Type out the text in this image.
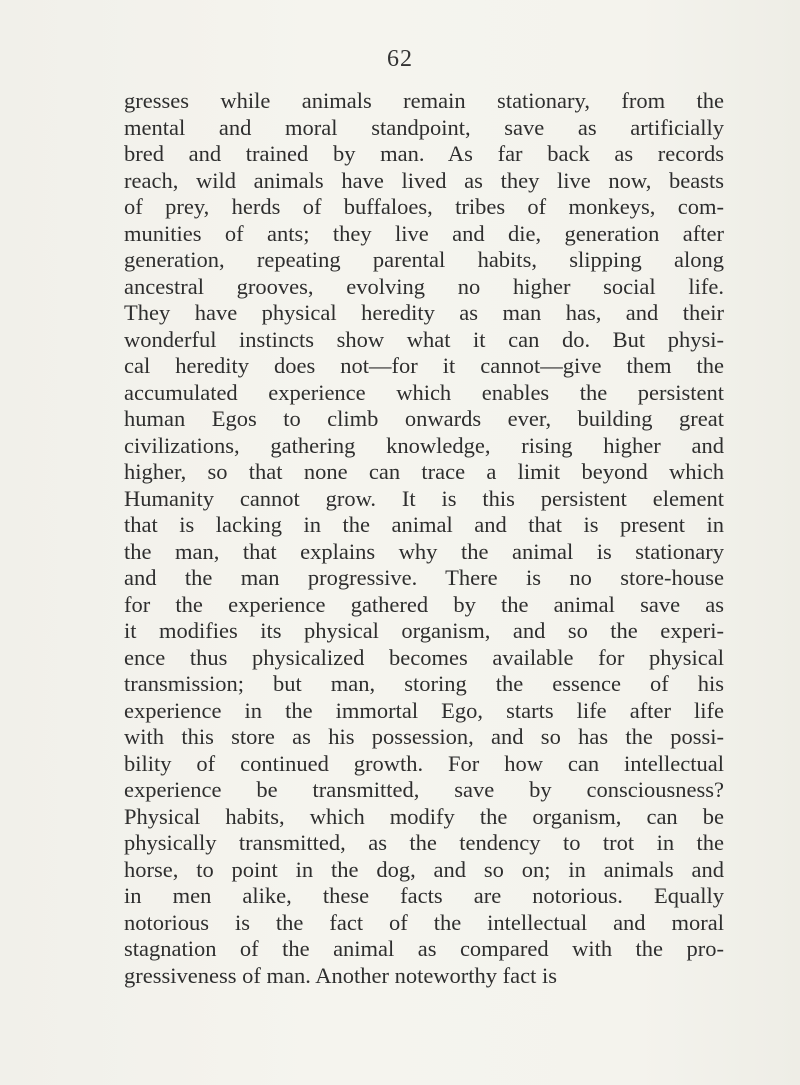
62
gresses while animals remain stationary, from the
mental and moral standpoint, save as artificially
bred and trained by man. As far back as records
reach, wild animals have lived as they live now, beasts
of prey, herds of buffaloes, tribes of monkeys, com-
munities of ants; they live and die, generation after
generation, repeating parental habits, slipping along
ancestral grooves, evolving no higher social life.
They have physical heredity as man has, and their
wonderful instincts show what it can do. But physi-
cal heredity does not—for it cannot—give them the
accumulated experience which enables the persistent
human Egos to climb onwards ever, building great
civilizations, gathering knowledge, rising higher and
higher, so that none can trace a limit beyond which
Humanity cannot grow. It is this persistent element
that is lacking in the animal and that is present in
the man, that explains why the animal is stationary
and the man progressive. There is no store-house
for the experience gathered by the animal save as
it modifies its physical organism, and so the experi-
ence thus physicalized becomes available for physical
transmission; but man, storing the essence of his
experience in the immortal Ego, starts life after life
with this store as his possession, and so has the possi-
bility of continued growth. For how can intellectual
experience be transmitted, save by consciousness?
Physical habits, which modify the organism, can be
physically transmitted, as the tendency to trot in the
horse, to point in the dog, and so on; in animals and
in men alike, these facts are notorious. Equally
notorious is the fact of the intellectual and moral
stagnation of the animal as compared with the pro-
gressiveness of man. Another noteworthy fact is
